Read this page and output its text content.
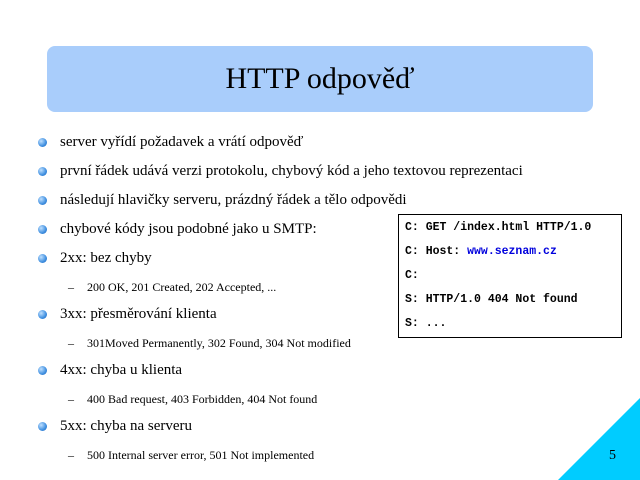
HTTP odpověď
server vyřídí požadavek a vrátí odpověď
první řádek udává verzi protokolu, chybový kód a jeho textovou reprezentaci
následují hlavičky serveru, prázdný řádek a tělo odpovědi
chybové kódy jsou podobné jako u SMTP:
2xx: bez chyby
– 200 OK, 201 Created, 202 Accepted, ...
3xx: přesměrování klienta
– 301Moved Permanently, 302 Found, 304 Not modified
4xx: chyba u klienta
– 400 Bad request, 403 Forbidden, 404 Not found
5xx: chyba na serveru
– 500 Internal server error, 501 Not implemented
C: GET /index.html HTTP/1.0
C: Host: www.seznam.cz
C:
S: HTTP/1.0 404 Not found
S: ...
5
